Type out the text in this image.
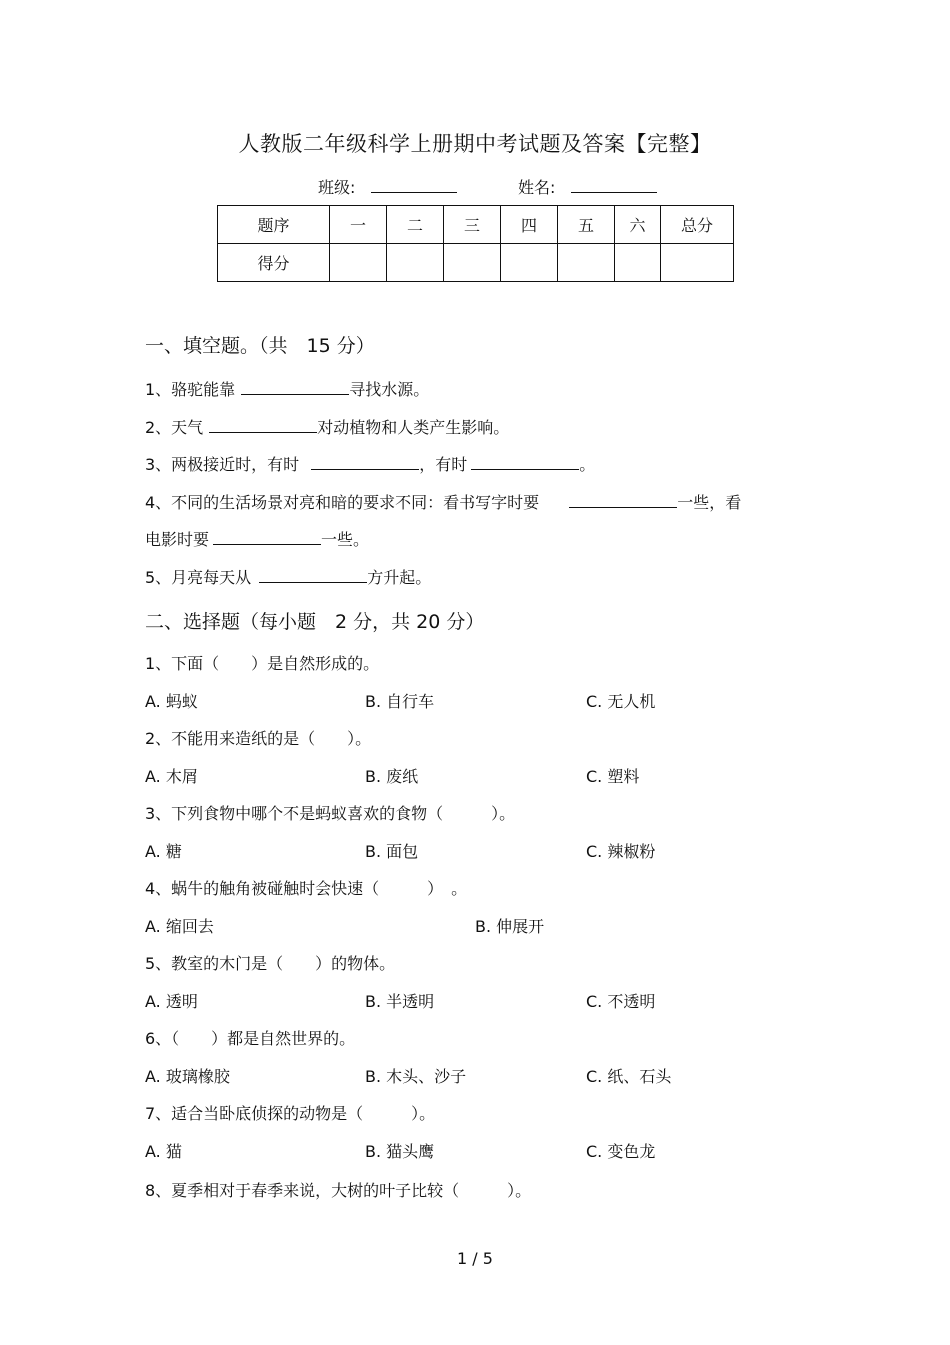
人教版二年级科学上册期中考试题及答案【完整】
班级:	姓名:
题序	一	二	三	四	五	六	总分
得分							
一、填空题。（共　15 分）
1、骆驼能靠	寻找水源。
2、天气	对动植物和人类产生影响。
3、两极接近时，有时	，有时	。
4、不同的生活场景对亮和暗的要求不同：看书写字时要	一些，看
电影时要	一些。
5、月亮每天从	方升起。
二、选择题（每小题　2 分，共 20 分）
1、下面（　　）是自然形成的。
A. 蚂蚁	B. 自行车	C. 无人机
2、不能用来造纸的是（　　）。
A. 木屑	B. 废纸	C. 塑料
3、下列食物中哪个不是蚂蚁喜欢的食物（　　　）。
A. 糖	B. 面包	C. 辣椒粉
4、蜗牛的触角被碰触时会快速（　　　）　。
A. 缩回去	B. 伸展开
5、教室的木门是（　　）的物体。
A. 透明	B. 半透明	C. 不透明
6、（　　）都是自然世界的。
A. 玻璃橡胶	B. 木头、沙子	C. 纸、石头
7、适合当卧底侦探的动物是（　　　）。
A. 猫	B. 猫头鹰	C. 变色龙
8、夏季相对于春季来说，大树的叶子比较（　　　）。
1 / 5
